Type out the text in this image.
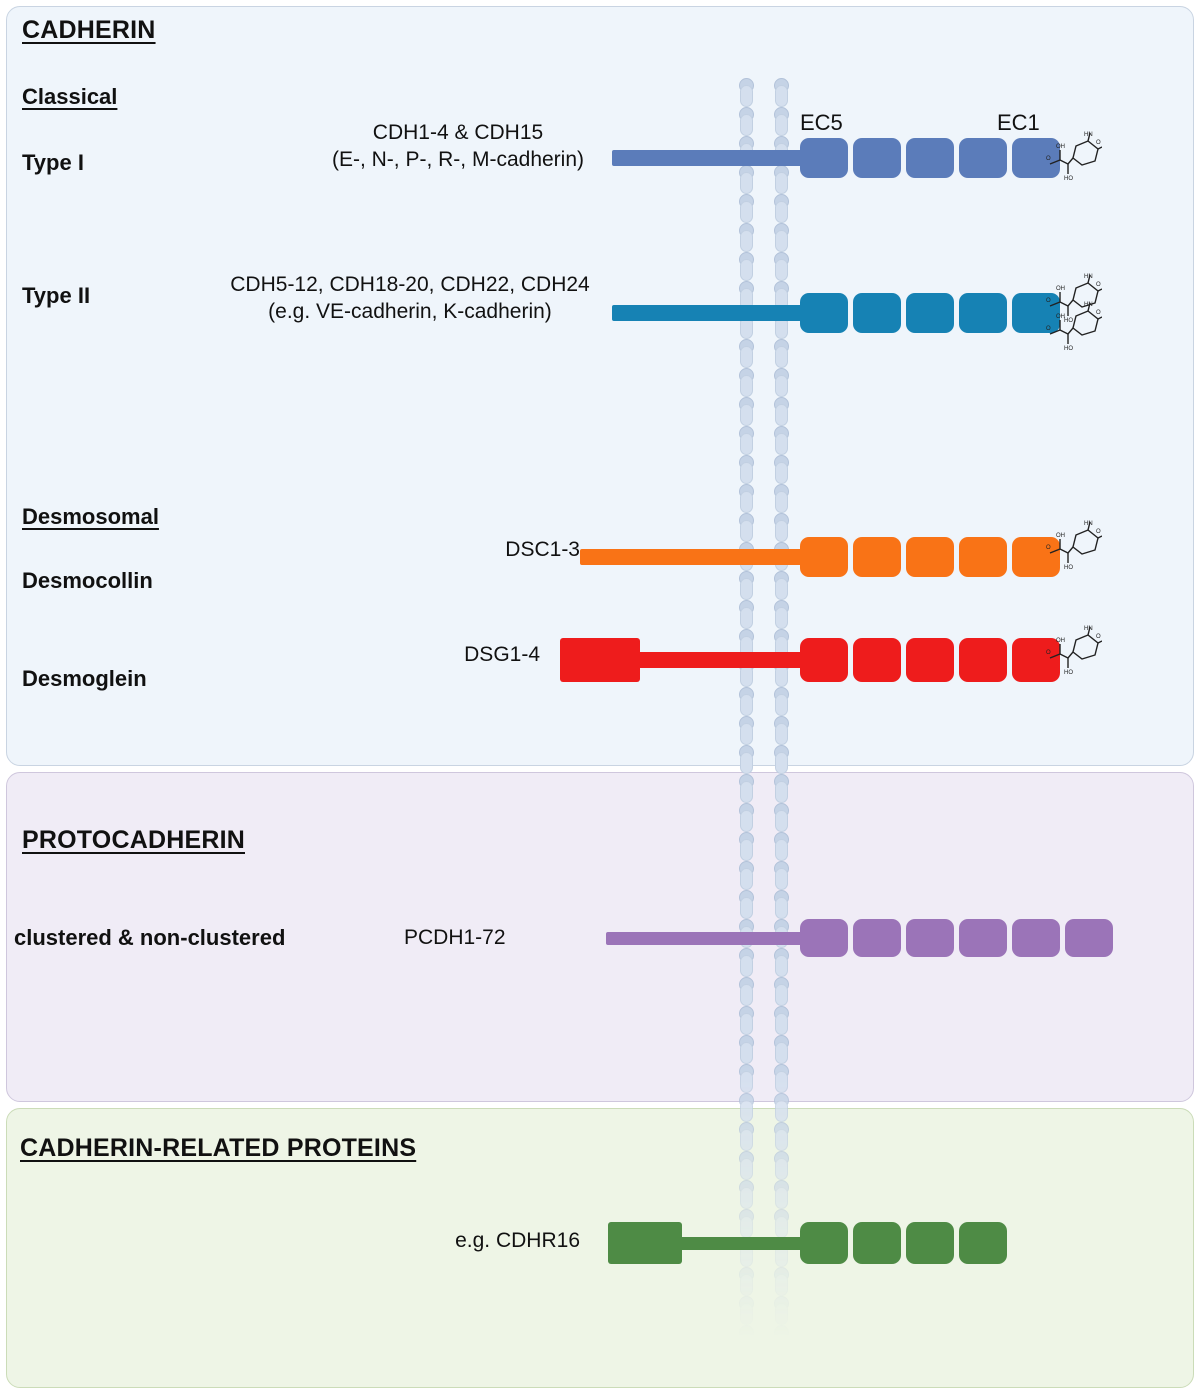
CADHERIN
Classical
Type I
CDH1-4 & CDH15
(E-, N-, P-, R-, M-cadherin)
EC5	EC1
Type II	CDH5-12, CDH18-20, CDH22, CDH24
(e.g. VE-cadherin, K-cadherin)
Desmosomal
Desmocollin
DSC1-3
Desmoglein
DSG1-4
PROTOCADHERIN
clustered & non-clustered	PCDH1-72
CADHERIN-RELATED PROTEINS
e.g. CDHR16
O
OH
HO
HN
O
O
OH
HO
HN
O
O
OH
HO
HN
O
O
OH
HO
HN
O
O
OH
HO
HN
O
